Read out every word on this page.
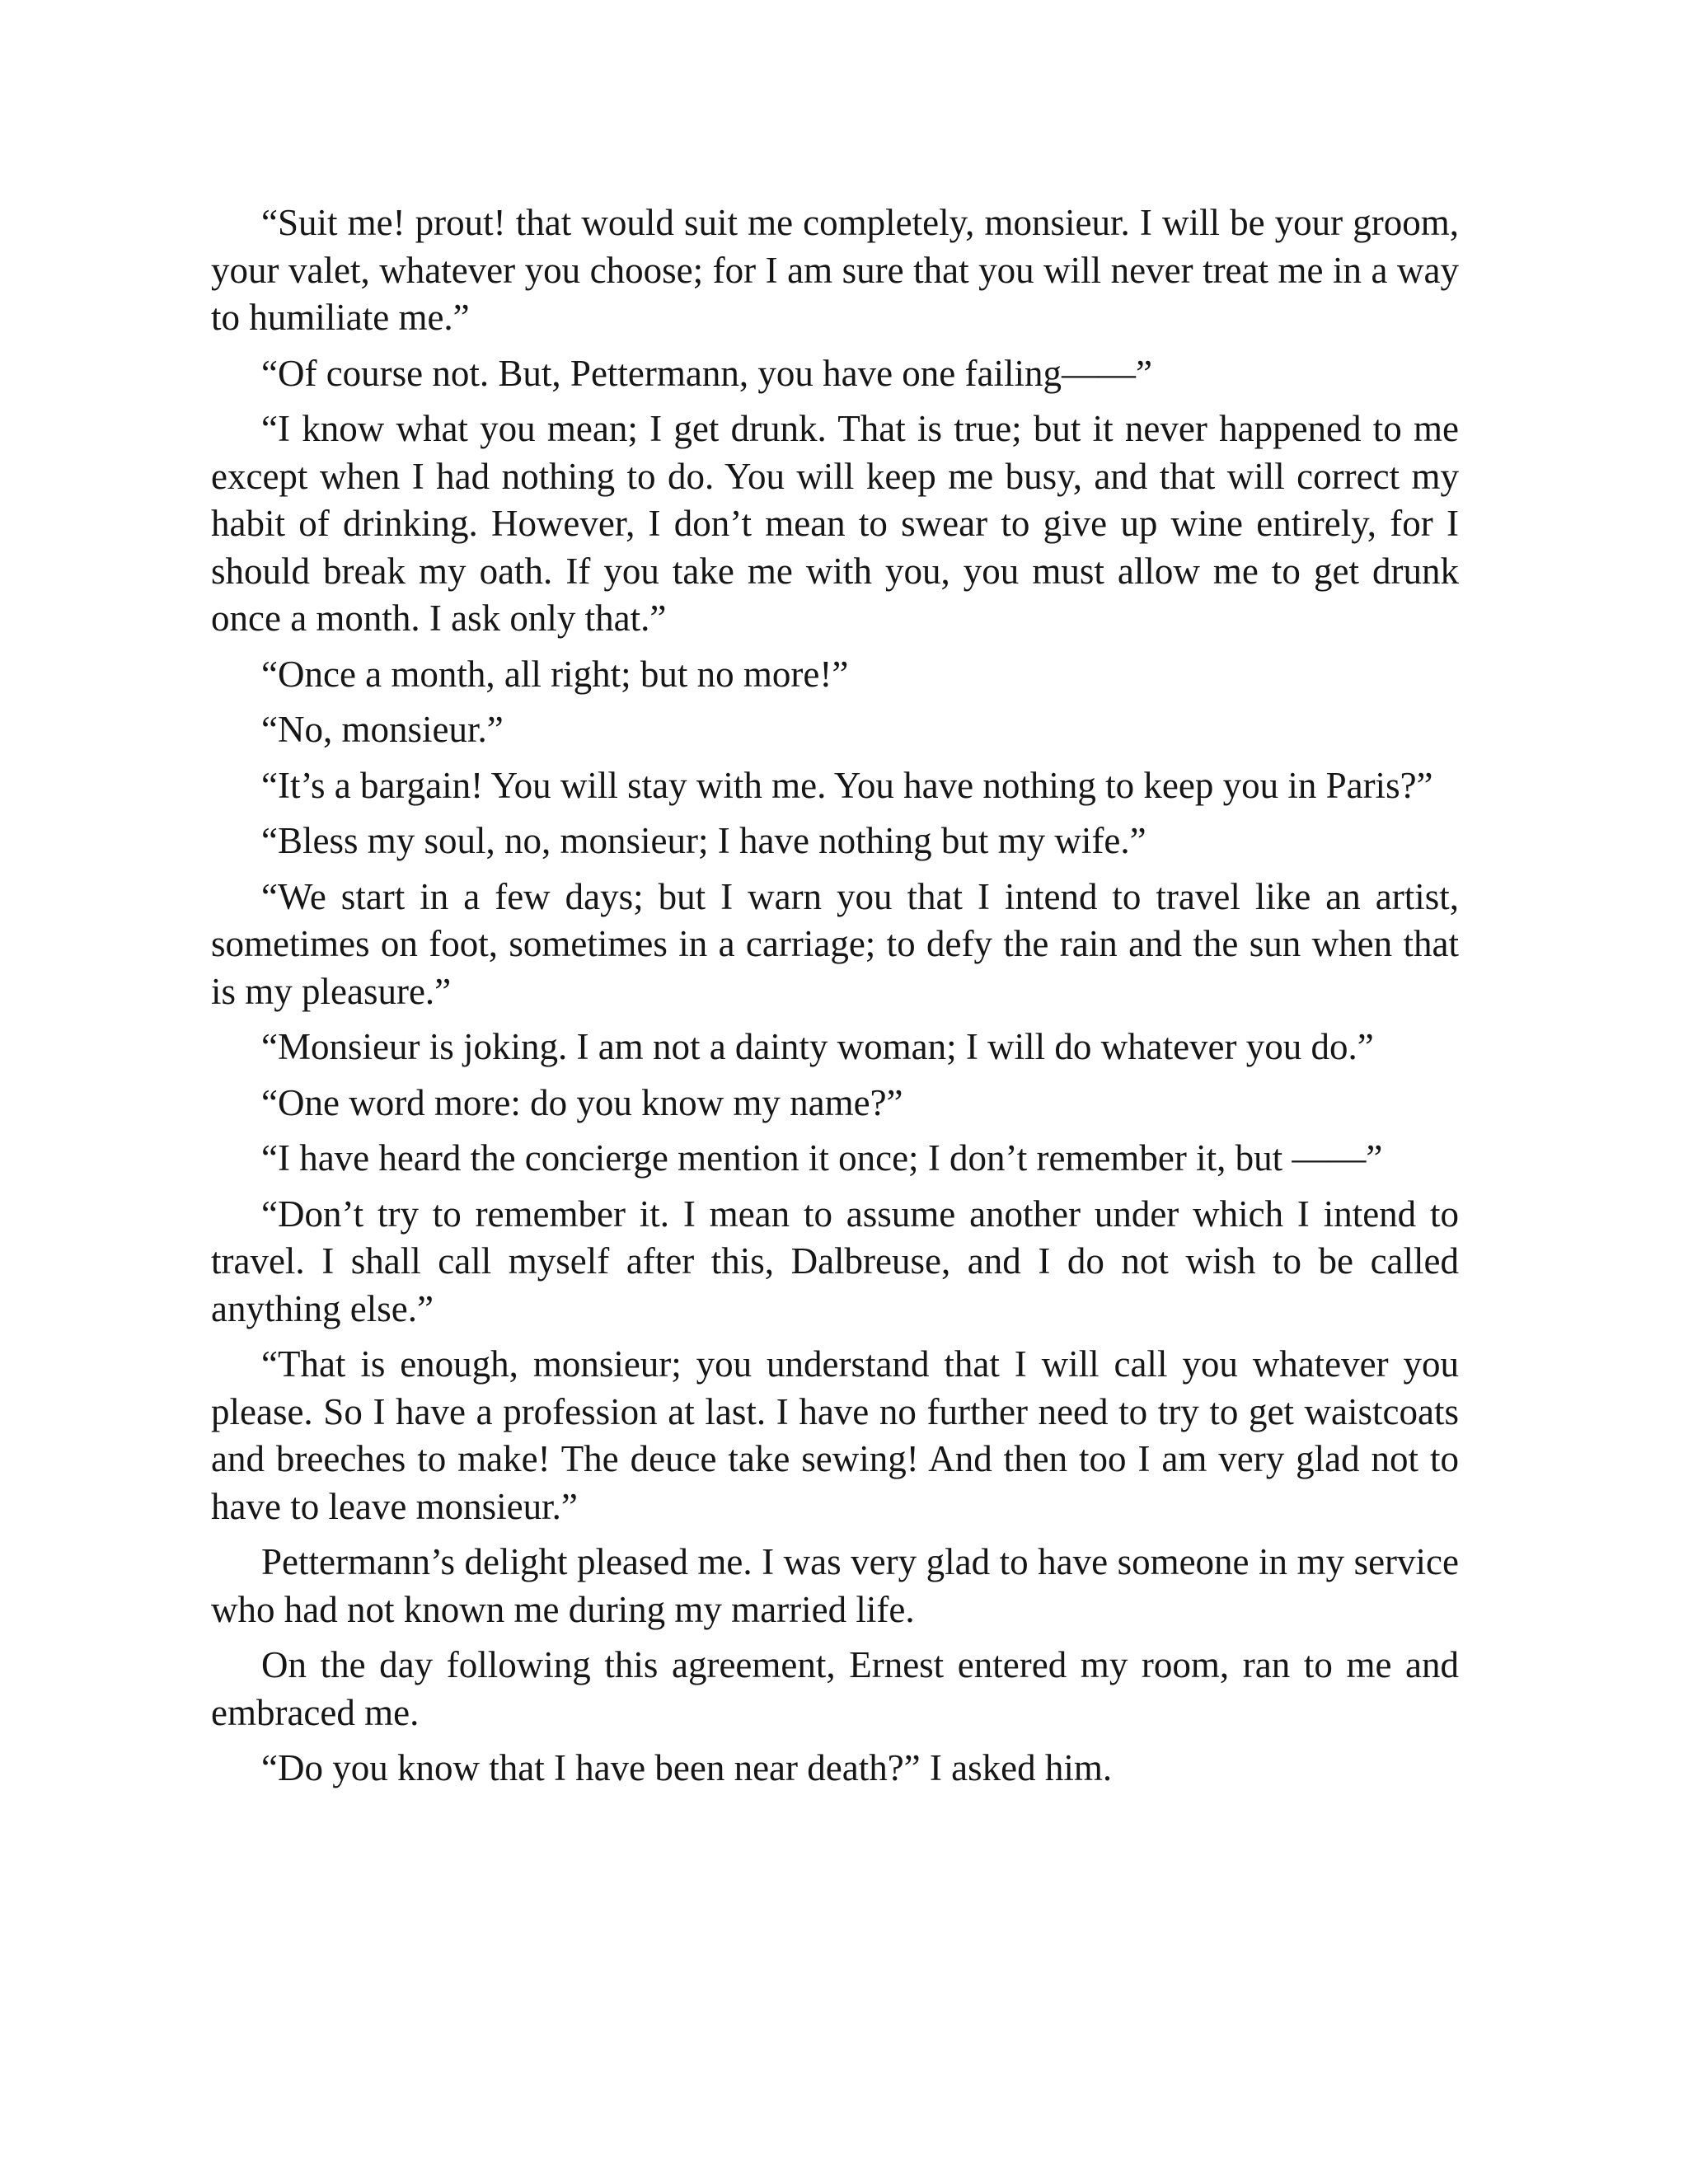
“Suit me! prout! that would suit me completely, monsieur. I will be your groom, your valet, whatever you choose; for I am sure that you will never treat me in a way to humiliate me.”

“Of course not. But, Pettermann, you have one failing——”

“I know what you mean; I get drunk. That is true; but it never happened to me except when I had nothing to do. You will keep me busy, and that will correct my habit of drinking. However, I don’t mean to swear to give up wine entirely, for I should break my oath. If you take me with you, you must allow me to get drunk once a month. I ask only that.”

“Once a month, all right; but no more!”

“No, monsieur.”

“It’s a bargain! You will stay with me. You have nothing to keep you in Paris?”

“Bless my soul, no, monsieur; I have nothing but my wife.”

“We start in a few days; but I warn you that I intend to travel like an artist, sometimes on foot, sometimes in a carriage; to defy the rain and the sun when that is my pleasure.”

“Monsieur is joking. I am not a dainty woman; I will do whatever you do.”

“One word more: do you know my name?”

“I have heard the concierge mention it once; I don’t remember it, but ——”

“Don’t try to remember it. I mean to assume another under which I intend to travel. I shall call myself after this, Dalbreuse, and I do not wish to be called anything else.”

“That is enough, monsieur; you understand that I will call you whatever you please. So I have a profession at last. I have no further need to try to get waistcoats and breeches to make! The deuce take sewing! And then too I am very glad not to have to leave monsieur.”

Pettermann’s delight pleased me. I was very glad to have someone in my service who had not known me during my married life.

On the day following this agreement, Ernest entered my room, ran to me and embraced me.

“Do you know that I have been near death?” I asked him.
